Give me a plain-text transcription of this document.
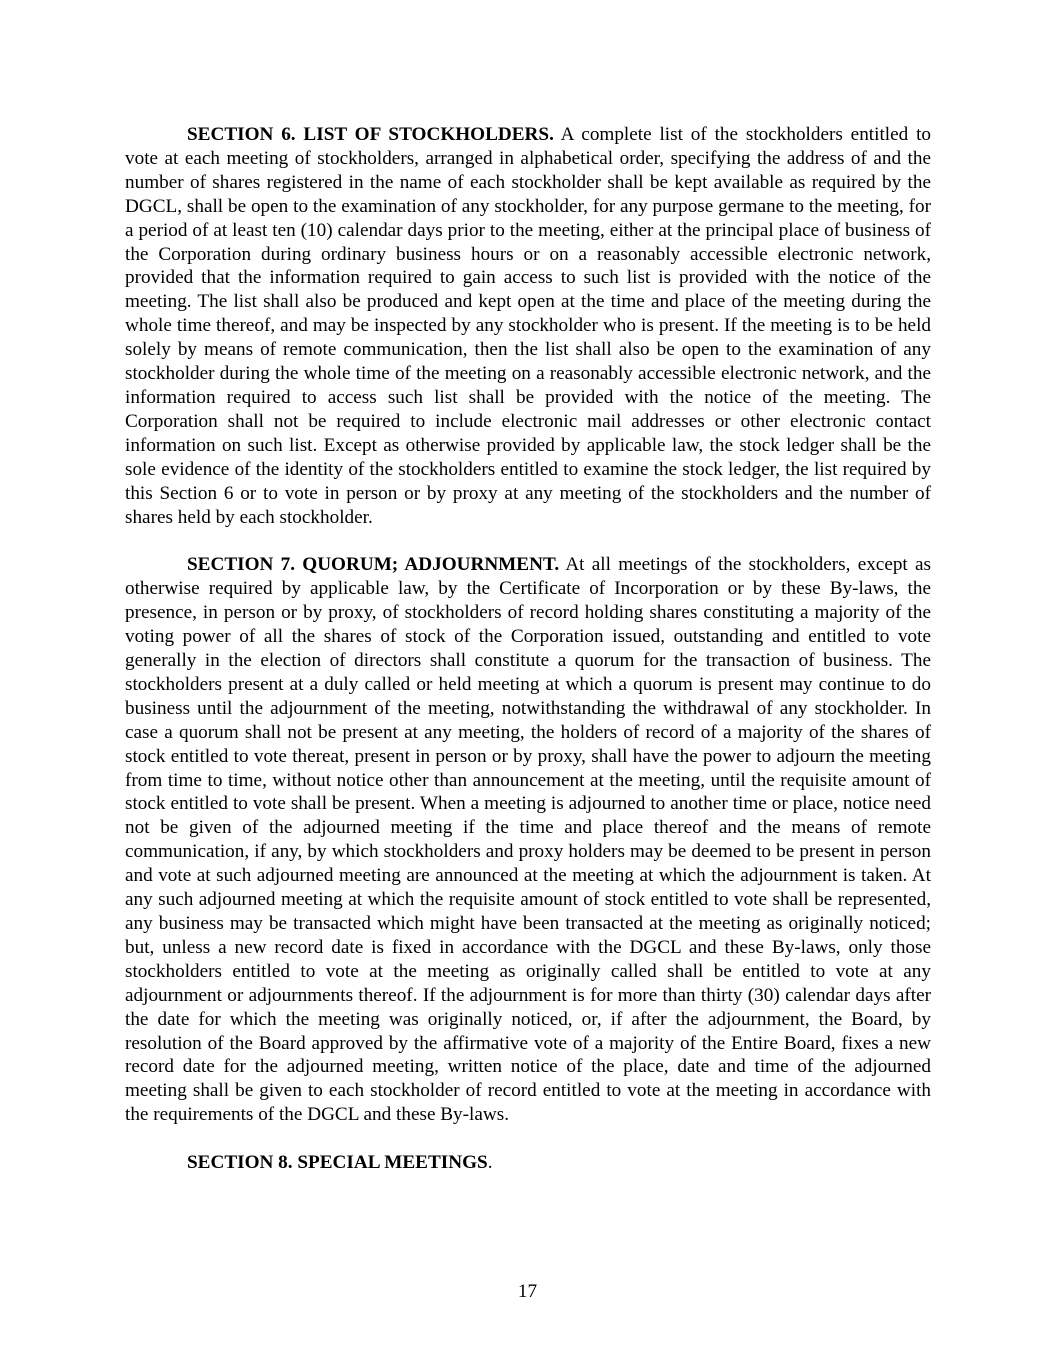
SECTION 6. LIST OF STOCKHOLDERS. A complete list of the stockholders entitled to vote at each meeting of stockholders, arranged in alphabetical order, specifying the address of and the number of shares registered in the name of each stockholder shall be kept available as required by the DGCL, shall be open to the examination of any stockholder, for any purpose germane to the meeting, for a period of at least ten (10) calendar days prior to the meeting, either at the principal place of business of the Corporation during ordinary business hours or on a reasonably accessible electronic network, provided that the information required to gain access to such list is provided with the notice of the meeting. The list shall also be produced and kept open at the time and place of the meeting during the whole time thereof, and may be inspected by any stockholder who is present. If the meeting is to be held solely by means of remote communication, then the list shall also be open to the examination of any stockholder during the whole time of the meeting on a reasonably accessible electronic network, and the information required to access such list shall be provided with the notice of the meeting. The Corporation shall not be required to include electronic mail addresses or other electronic contact information on such list. Except as otherwise provided by applicable law, the stock ledger shall be the sole evidence of the identity of the stockholders entitled to examine the stock ledger, the list required by this Section 6 or to vote in person or by proxy at any meeting of the stockholders and the number of shares held by each stockholder.

SECTION 7. QUORUM; ADJOURNMENT. At all meetings of the stockholders, except as otherwise required by applicable law, by the Certificate of Incorporation or by these By-laws, the presence, in person or by proxy, of stockholders of record holding shares constituting a majority of the voting power of all the shares of stock of the Corporation issued, outstanding and entitled to vote generally in the election of directors shall constitute a quorum for the transaction of business. The stockholders present at a duly called or held meeting at which a quorum is present may continue to do business until the adjournment of the meeting, notwithstanding the withdrawal of any stockholder. In case a quorum shall not be present at any meeting, the holders of record of a majority of the shares of stock entitled to vote thereat, present in person or by proxy, shall have the power to adjourn the meeting from time to time, without notice other than announcement at the meeting, until the requisite amount of stock entitled to vote shall be present. When a meeting is adjourned to another time or place, notice need not be given of the adjourned meeting if the time and place thereof and the means of remote communication, if any, by which stockholders and proxy holders may be deemed to be present in person and vote at such adjourned meeting are announced at the meeting at which the adjournment is taken. At any such adjourned meeting at which the requisite amount of stock entitled to vote shall be represented, any business may be transacted which might have been transacted at the meeting as originally noticed; but, unless a new record date is fixed in accordance with the DGCL and these By-laws, only those stockholders entitled to vote at the meeting as originally called shall be entitled to vote at any adjournment or adjournments thereof. If the adjournment is for more than thirty (30) calendar days after the date for which the meeting was originally noticed, or, if after the adjournment, the Board, by resolution of the Board approved by the affirmative vote of a majority of the Entire Board, fixes a new record date for the adjourned meeting, written notice of the place, date and time of the adjourned meeting shall be given to each stockholder of record entitled to vote at the meeting in accordance with the requirements of the DGCL and these By-laws.

SECTION 8. SPECIAL MEETINGS.

17
